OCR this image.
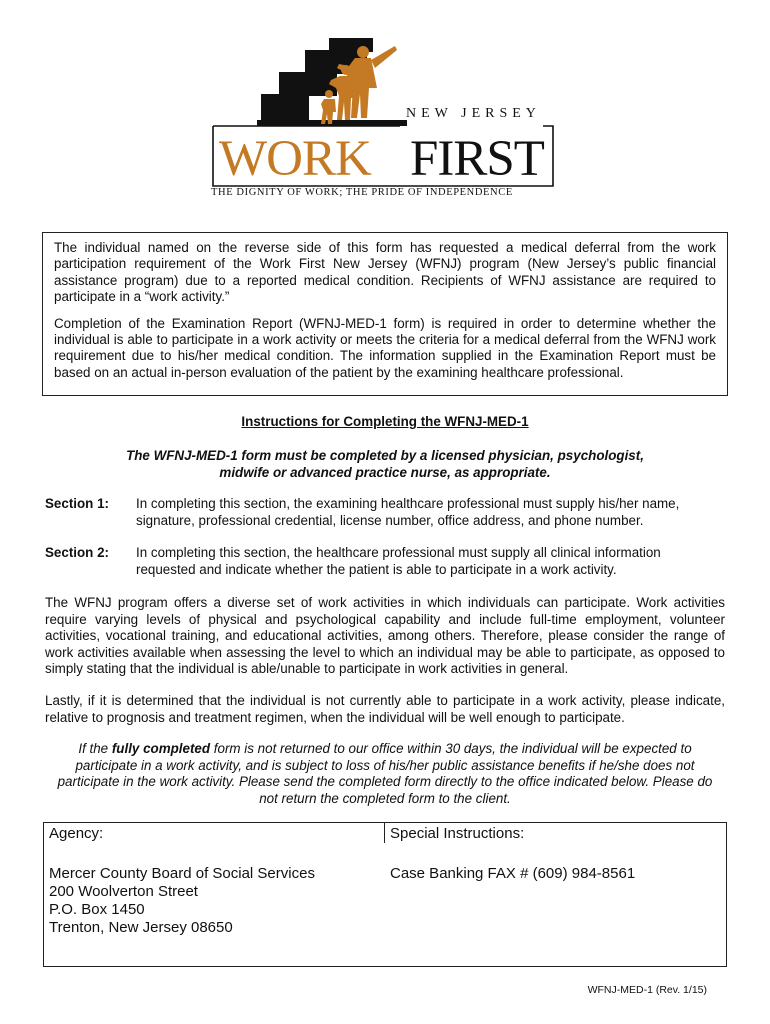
NEW JERSEY
WORK FIRST
THE DIGNITY OF WORK; THE PRIDE OF INDEPENDENCE

The individual named on the reverse side of this form has requested a medical deferral from the work participation requirement of the Work First New Jersey (WFNJ) program (New Jersey’s public financial assistance program) due to a reported medical condition. Recipients of WFNJ assistance are required to participate in a “work activity.”

Completion of the Examination Report (WFNJ-MED-1 form) is required in order to determine whether the individual is able to participate in a work activity or meets the criteria for a medical deferral from the WFNJ work requirement due to his/her medical condition. The information supplied in the Examination Report must be based on an actual in-person evaluation of the patient by the examining healthcare professional.

Instructions for Completing the WFNJ-MED-1
The WFNJ-MED-1 form must be completed by a licensed physician, psychologist, midwife or advanced practice nurse, as appropriate.
Section 1: In completing this section, the examining healthcare professional must supply his/her name, signature, professional credential, license number, office address, and phone number.
Section 2: In completing this section, the healthcare professional must supply all clinical information requested and indicate whether the patient is able to participate in a work activity.
The WFNJ program offers a diverse set of work activities in which individuals can participate. Work activities require varying levels of physical and psychological capability and include full-time employment, volunteer activities, vocational training, and educational activities, among others. Therefore, please consider the range of work activities available when assessing the level to which an individual may be able to participate, as opposed to simply stating that the individual is able/unable to participate in work activities in general.
Lastly, if it is determined that the individual is not currently able to participate in a work activity, please indicate, relative to prognosis and treatment regimen, when the individual will be well enough to participate.
If the fully completed form is not returned to our office within 30 days, the individual will be expected to participate in a work activity, and is subject to loss of his/her public assistance benefits if he/she does not participate in the work activity. Please send the completed form directly to the office indicated below. Please do not return the completed form to the client.
Agency:
Mercer County Board of Social Services
200 Woolverton Street
P.O. Box 1450
Trenton, New Jersey 08650
Special Instructions:
Case Banking FAX # (609) 984-8561
WFNJ-MED-1 (Rev. 1/15)
